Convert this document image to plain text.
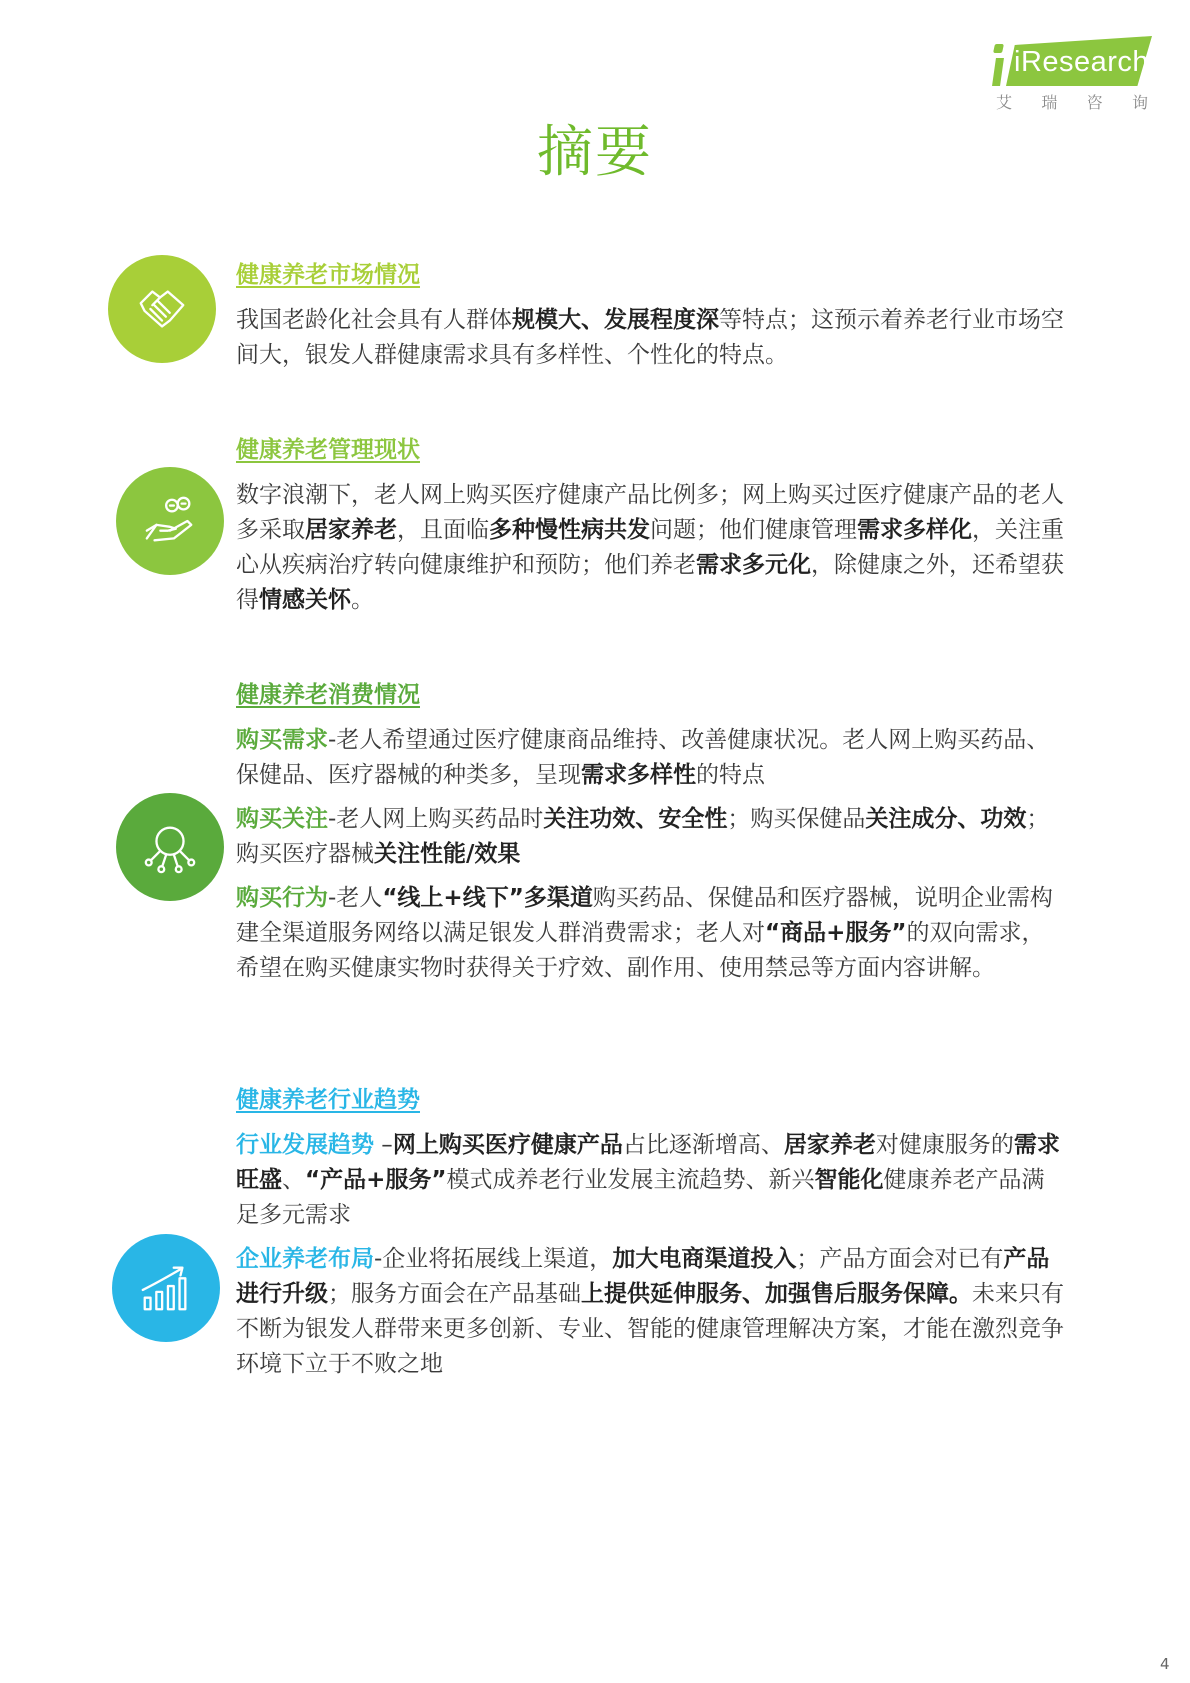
iResearch
艾 瑞 咨 询
摘要
健康养老市场情况

我国老龄化社会具有人群体规模大、发展程度深等特点；这预示着养老行业市场空间大，银发人群健康需求具有多样性、个性化的特点。

健康养老管理现状

数字浪潮下，老人网上购买医疗健康产品比例多；网上购买过医疗健康产品的老人多采取居家养老，且面临多种慢性病共发问题；他们健康管理需求多样化，关注重心从疾病治疗转向健康维护和预防；他们养老需求多元化，除健康之外，还希望获得情感关怀。

健康养老消费情况

购买需求-老人希望通过医疗健康商品维持、改善健康状况。老人网上购买药品、保健品、医疗器械的种类多，呈现需求多样性的特点

购买关注-老人网上购买药品时关注功效、安全性；购买保健品关注成分、功效；购买医疗器械关注性能/效果

购买行为-老人“线上+线下”多渠道购买药品、保健品和医疗器械，说明企业需构建全渠道服务网络以满足银发人群消费需求；老人对“商品+服务”的双向需求，希望在购买健康实物时获得关于疗效、副作用、使用禁忌等方面内容讲解。

健康养老行业趋势

行业发展趋势 –网上购买医疗健康产品占比逐渐增高、居家养老对健康服务的需求旺盛、“产品+服务”模式成养老行业发展主流趋势、新兴智能化健康养老产品满足多元需求

企业养老布局-企业将拓展线上渠道，加大电商渠道投入；产品方面会对已有产品进行升级；服务方面会在产品基础上提供延伸服务、加强售后服务保障。未来只有不断为银发人群带来更多创新、专业、智能的健康管理解决方案，才能在激烈竞争环境下立于不败之地

4
